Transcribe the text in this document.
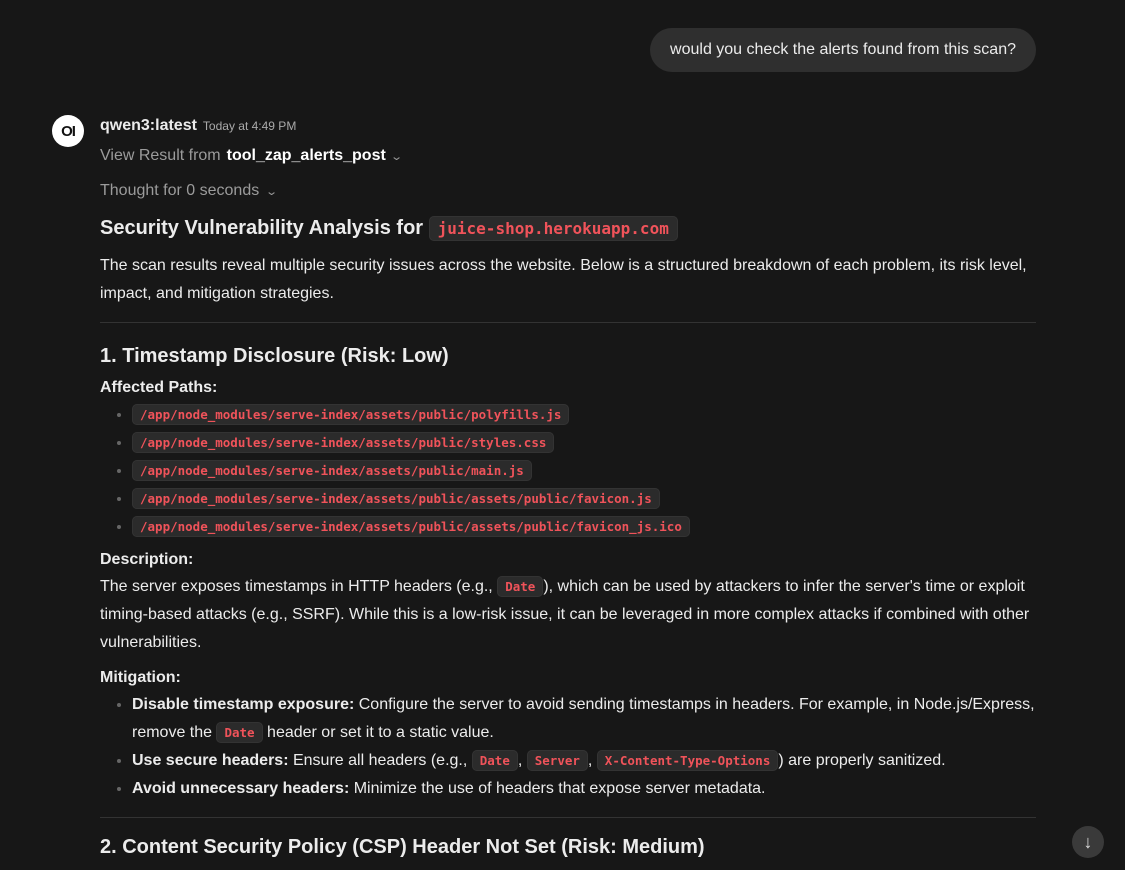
would you check the alerts found from this scan?
OI	qwen3:latest Today at 4:49 PM
View Result from tool_zap_alerts_post ⌄
Thought for 0 seconds ⌄
Security Vulnerability Analysis for juice-shop.herokuapp.com

The scan results reveal multiple security issues across the website. Below is a structured breakdown of each problem, its risk level, impact, and mitigation strategies.

1. Timestamp Disclosure (Risk: Low)
Affected Paths:
• /app/node_modules/serve-index/assets/public/polyfills.js
• /app/node_modules/serve-index/assets/public/styles.css
• /app/node_modules/serve-index/assets/public/main.js
• /app/node_modules/serve-index/assets/public/assets/public/favicon.js
• /app/node_modules/serve-index/assets/public/assets/public/favicon_js.ico
Description:

The server exposes timestamps in HTTP headers (e.g., Date ), which can be used by attackers to infer the server's time or exploit timing-based attacks (e.g., SSRF). While this is a low-risk issue, it can be leveraged in more complex attacks if combined with other vulnerabilities.

Mitigation:
• Disable timestamp exposure: Configure the server to avoid sending timestamps in headers. For example, in Node.js/Express, remove the Date header or set it to a static value.
• Use secure headers: Ensure all headers (e.g., Date , Server , X-Content-Type-Options ) are properly sanitized.
• Avoid unnecessary headers: Minimize the use of headers that expose server metadata.
2. Content Security Policy (CSP) Header Not Set (Risk: Medium)	↓
